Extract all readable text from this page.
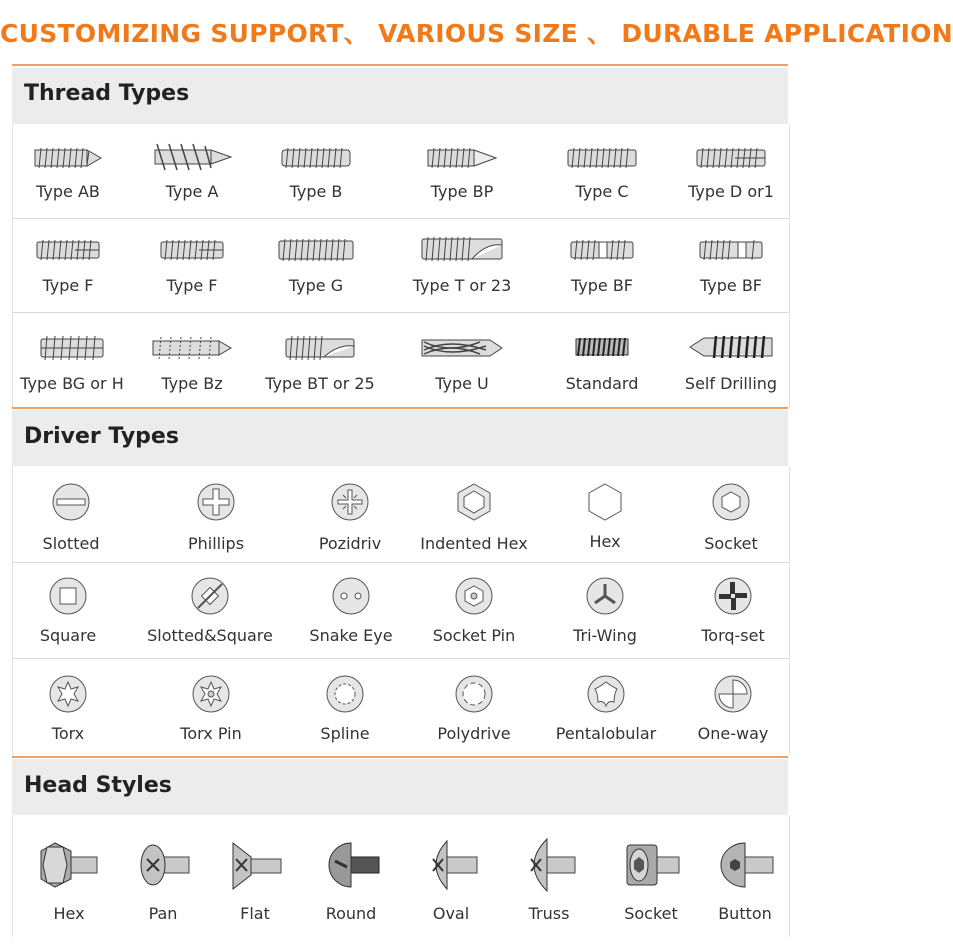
CUSTOMIZING SUPPORT、 VARIOUS SIZE 、 DURABLE APPLICATION
Thread Types
Type AB	Type A	Type B	Type BP	Type C	Type D or1
Type F	Type F	Type G	Type T or 23	Type BF	Type BF
Type BG or H	Type Bz	Type BT or 25	Type U	Standard	Self Drilling
Driver Types
Slotted	Phillips	Pozidriv	Indented Hex	Hex	Socket
Square	Slotted&Square	Snake Eye	Socket Pin	Tri-Wing	Torq-set
Torx	Torx Pin	Spline	Polydrive	Pentalobular	One-way
Head Styles
Hex	Pan	Flat	Round	Oval	Truss	Socket	Button
